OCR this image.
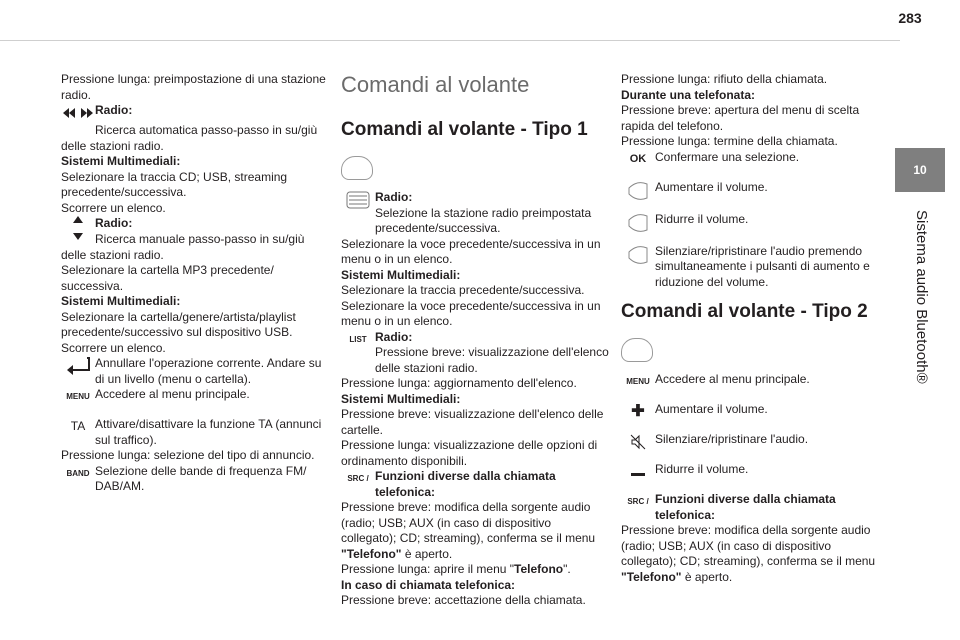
283
10
Sistema audio Bluetooth®

Pressione lunga: preimpostazione di una stazione radio.

Radio:

Ricerca automatica passo-passo in su/giù delle stazioni radio.

Sistemi Multimediali:

Selezionare la traccia CD; USB, streaming precedente/successiva.

Scorrere un elenco.

Radio:

Ricerca manuale passo-passo in su/giù delle stazioni radio.

Selezionare la cartella MP3 precedente/ successiva.

Sistemi Multimediali:

Selezionare la cartella/genere/artista/playlist precedente/successivo sul dispositivo USB.

Scorrere un elenco.

Annullare l'operazione corrente. Andare su di un livello (menu o cartella).

MENU Accedere al menu principale.

TA Attivare/disattivare la funzione TA (annunci sul traffico).

Pressione lunga: selezione del tipo di annuncio.

BAND Selezione delle bande di frequenza FM/ DAB/AM.

Comandi al volante
Comandi al volante - Tipo 1

Radio:
Selezione la stazione radio preimpostata precedente/successiva.

Selezionare la voce precedente/successiva in un menu o in un elenco.

Sistemi Multimediali:

Selezionare la traccia precedente/successiva.

Selezionare la voce precedente/successiva in un menu o in un elenco.

LIST Radio:
Pressione breve: visualizzazione dell'elenco delle stazioni radio.

Pressione lunga: aggiornamento dell'elenco.

Sistemi Multimediali:

Pressione breve: visualizzazione dell'elenco delle cartelle.

Pressione lunga: visualizzazione delle opzioni di ordinamento disponibili.

SRC / Funzioni diverse dalla chiamata telefonica:

Pressione breve: modifica della sorgente audio (radio; USB; AUX (in caso di dispositivo collegato); CD; streaming), conferma se il menu "Telefono" è aperto.

Pressione lunga: aprire il menu "Telefono".

In caso di chiamata telefonica:

Pressione breve: accettazione della chiamata.

Pressione lunga: rifiuto della chiamata.

Durante una telefonata:

Pressione breve: apertura del menu di scelta rapida del telefono.

Pressione lunga: termine della chiamata.

OK Confermare una selezione.

Aumentare il volume.

Ridurre il volume.

Silenziare/ripristinare l'audio premendo simultaneamente i pulsanti di aumento e riduzione del volume.

Comandi al volante - Tipo 2
MENU Accedere al menu principale.

✚ Aumentare il volume.

Silenziare/ripristinare l'audio.

Ridurre il volume.

SRC / Funzioni diverse dalla chiamata telefonica:

Pressione breve: modifica della sorgente audio (radio; USB; AUX (in caso di dispositivo collegato); CD; streaming), conferma se il menu "Telefono" è aperto.
